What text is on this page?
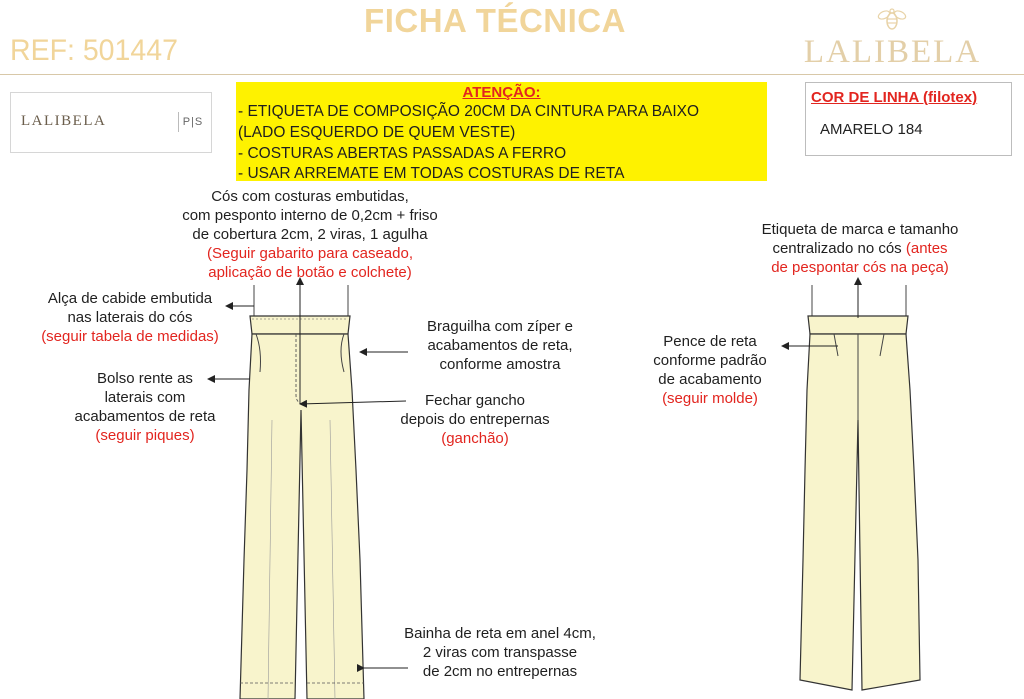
FICHA TÉCNICA
REF: 501447	LALIBELA
LALIBELA	P|S
ATENÇÃO:
- ETIQUETA DE COMPOSIÇÃO 20CM DA CINTURA PARA BAIXO
(LADO ESQUERDO DE QUEM VESTE)
- COSTURAS ABERTAS PASSADAS A FERRO
- USAR ARREMATE EM TODAS COSTURAS DE RETA
COR DE LINHA (filotex)
AMARELO 184
Cós com costuras embutidas,
com pesponto interno de 0,2cm + friso
de cobertura 2cm, 2 viras, 1 agulha
(Seguir gabarito para caseado,
aplicação de botão e colchete)
Alça de cabide embutida
nas laterais do cós
(seguir tabela de medidas)
Bolso rente as
laterais com
acabamentos de reta
(seguir piques)
Braguilha com zíper e
acabamentos de reta,
conforme amostra
Fechar gancho
depois do entrepernas
(ganchão)
Bainha de reta em anel 4cm,
2 viras com transpasse
de 2cm no entrepernas
Etiqueta de marca e tamanho
centralizado no cós (antes
de pespontar cós na peça)
Pence de reta
conforme padrão
de acabamento
(seguir molde)
